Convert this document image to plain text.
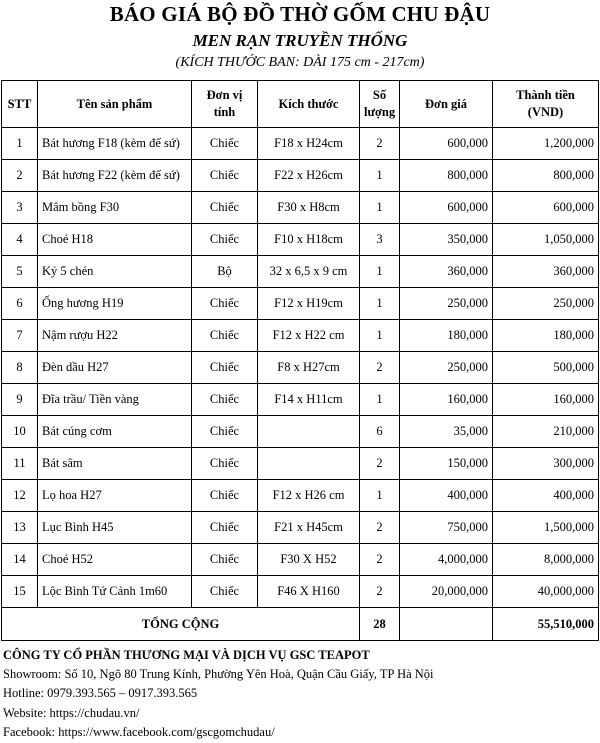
BÁO GIÁ BỘ ĐỒ THỜ GỐM CHU ĐẬU
MEN RẠN TRUYỀN THỐNG
(KÍCH THƯỚC BAN: DÀI 175 cm - 217cm)
STT	Tên sản phẩm	Đơn vị tính	Kích thước	Số lượng	Đơn giá	Thành tiền (VND)
1	Bát hương F18 (kèm đế sứ)	Chiếc	F18 x H24cm	2	600,000	1,200,000
2	Bát hương F22 (kèm đế sứ)	Chiếc	F22 x H26cm	1	800,000	800,000
3	Mâm bồng F30	Chiếc	F30 x H8cm	1	600,000	600,000
4	Choé H18	Chiếc	F10 x H18cm	3	350,000	1,050,000
5	Kỷ 5 chén	Bộ	32 x 6,5 x 9 cm	1	360,000	360,000
6	Ống hương H19	Chiếc	F12 x H19cm	1	250,000	250,000
7	Nậm rượu H22	Chiếc	F12 x H22 cm	1	180,000	180,000
8	Đèn dầu H27	Chiếc	F8 x H27cm	2	250,000	500,000
9	Đĩa trầu/ Tiền vàng	Chiếc	F14 x H11cm	1	160,000	160,000
10	Bát cúng cơm	Chiếc		6	35,000	210,000
11	Bát sâm	Chiếc		2	150,000	300,000
12	Lọ hoa H27	Chiếc	F12 x H26 cm	1	400,000	400,000
13	Lục Bình H45	Chiếc	F21 x H45cm	2	750,000	1,500,000
14	Choé H52	Chiếc	F30 X H52	2	4,000,000	8,000,000
15	Lộc Bình Tứ Cảnh 1m60	Chiếc	F46 X H160	2	20,000,000	40,000,000
TỔNG CỘNG				28		55,510,000
CÔNG TY CỔ PHẦN THƯƠNG MẠI VÀ DỊCH VỤ GSC TEAPOT
Showroom: Số 10, Ngõ 80 Trung Kính, Phường Yên Hoà, Quận Cầu Giấy, TP Hà Nội
Hotline: 0979.393.565 – 0917.393.565
Website: https://chudau.vn/
Facebook: https://www.facebook.com/gscgomchudau/
